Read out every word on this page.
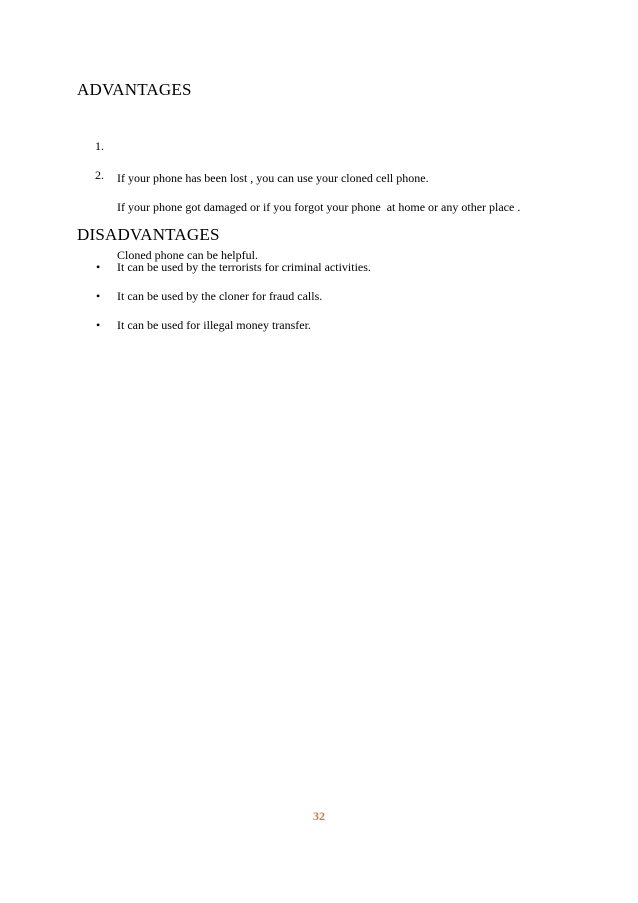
ADVANTAGES
1.

If your phone has been lost , you can use your cloned cell phone.

2.

If your phone got damaged or if you forgot your phone  at home or any other place .

Cloned phone can be helpful.

DISADVANTAGES
• It can be used by the terrorists for criminal activities.
• It can be used by the cloner for fraud calls.
• It can be used for illegal money transfer.
32
